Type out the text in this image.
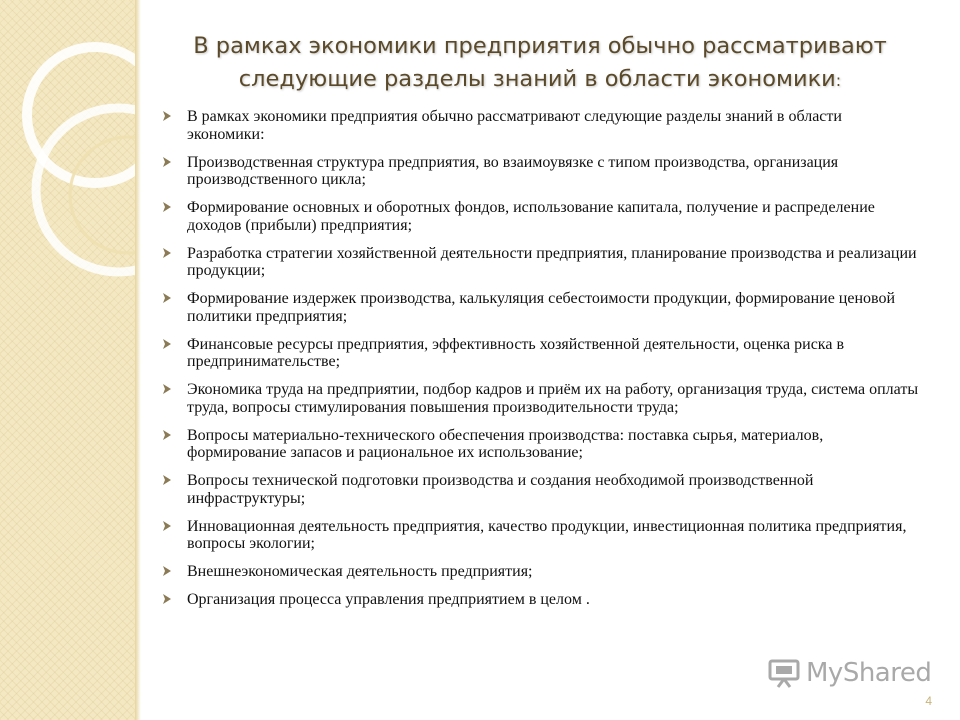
В рамках экономики предприятия обычно рассматривают следующие разделы знаний в области экономики:
В рамках экономики предприятия обычно рассматривают следующие разделы знаний в области экономики:
Производственная структура предприятия, во взаимоувязке с типом производства, организация производственного цикла;
Формирование основных и оборотных фондов, использование капитала, получение и распределение доходов (прибыли) предприятия;
Разработка стратегии хозяйственной деятельности предприятия, планирование производства и реализации продукции;
Формирование издержек производства, калькуляция себестоимости продукции, формирование ценовой политики предприятия;
Финансовые ресурсы предприятия, эффективность хозяйственной деятельности, оценка риска в предпринимательстве;
Экономика труда на предприятии, подбор кадров и приём их на работу, организация труда, система оплаты труда, вопросы стимулирования повышения производительности труда;
Вопросы материально-технического обеспечения производства: поставка сырья, материалов, формирование запасов и рациональное их использование;
Вопросы технической подготовки производства и создания необходимой производственной инфраструктуры;
Инновационная деятельность предприятия, качество продукции, инвестиционная политика предприятия, вопросы экологии;
Внешнеэкономическая деятельность предприятия;
Организация процесса управления предприятием в целом .
MyShared
4
